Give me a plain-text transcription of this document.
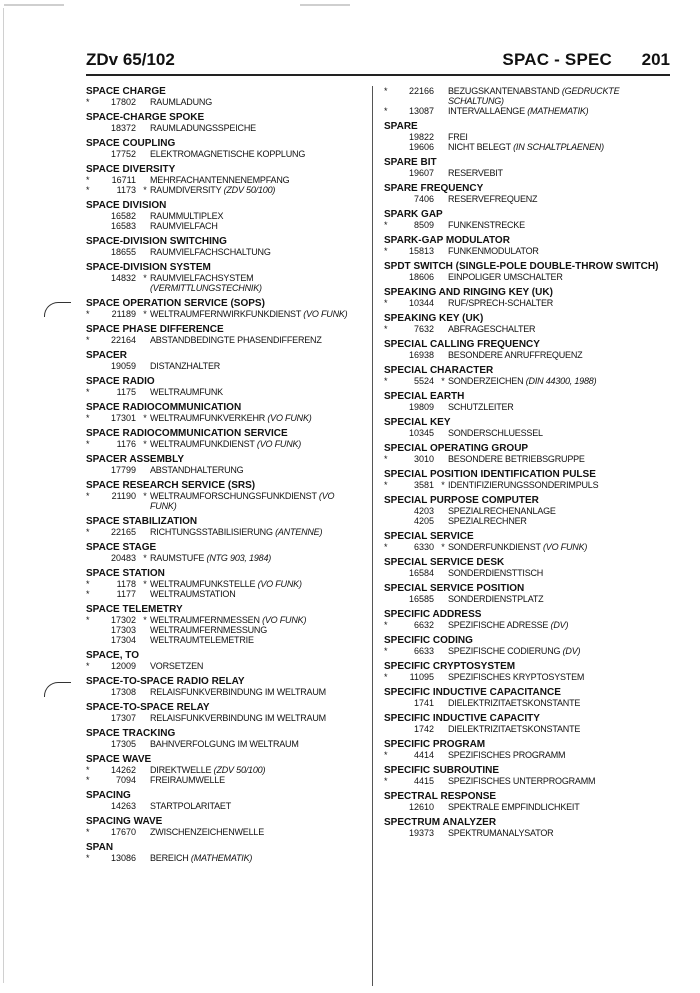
ZDv 65/102	SPAC - SPEC 201
SPACE CHARGE
*	17802	RAUMLADUNG
SPACE-CHARGE SPOKE
18372	RAUMLADUNGSSPEICHE
SPACE COUPLING
17752	ELEKTROMAGNETISCHE KOPPLUNG
SPACE DIVERSITY
*	16711	MEHRFACHANTENNENEMPFANG
*	1173 * RAUMDIVERSITY (ZDV 50/100)
SPACE DIVISION
16582	RAUMMULTIPLEX
16583	RAUMVIELFACH
SPACE-DIVISION SWITCHING
18655	RAUMVIELFACHSCHALTUNG
SPACE-DIVISION SYSTEM
14832 * RAUMVIELFACHSYSTEM
(VERMITTLUNGSTECHNIK)
SPACE OPERATION SERVICE (SOPS)
*	21189 * WELTRAUMFERNWIRKFUNKDIENST (VO FUNK)
SPACE PHASE DIFFERENCE
*	22164	ABSTANDBEDINGTE PHASENDIFFERENZ
SPACER
19059	DISTANZHALTER
SPACE RADIO
*	1175	WELTRAUMFUNK
SPACE RADIOCOMMUNICATION
*	17301 * WELTRAUMFUNKVERKEHR (VO FUNK)
SPACE RADIOCOMMUNICATION SERVICE
*	1176 * WELTRAUMFUNKDIENST (VO FUNK)
SPACER ASSEMBLY
17799	ABSTANDHALTERUNG
SPACE RESEARCH SERVICE (SRS)
*	21190 * WELTRAUMFORSCHUNGSFUNKDIENST (VO
FUNK)
SPACE STABILIZATION
*	22165	RICHTUNGSSTABILISIERUNG (ANTENNE)
SPACE STAGE
20483 * RAUMSTUFE (NTG 903, 1984)
SPACE STATION
*	1178 * WELTRAUMFUNKSTELLE (VO FUNK)
*	1177	WELTRAUMSTATION
SPACE TELEMETRY
*	17302 * WELTRAUMFERNMESSEN (VO FUNK)
17303	WELTRAUMFERNMESSUNG
17304	WELTRAUMTELEMETRIE
SPACE, TO
*	12009	VORSETZEN
SPACE-TO-SPACE RADIO RELAY
17308	RELAISFUNKVERBINDUNG IM WELTRAUM
SPACE-TO-SPACE RELAY
17307	RELAISFUNKVERBINDUNG IM WELTRAUM
SPACE TRACKING
17305	BAHNVERFOLGUNG IM WELTRAUM
SPACE WAVE
*	14262	DIREKTWELLE (ZDV 50/100)
*	7094	FREIRAUMWELLE
SPACING
14263	STARTPOLARITAET
SPACING WAVE
*	17670	ZWISCHENZEICHENWELLE
SPAN
*	13086	BEREICH (MATHEMATIK)
*	22166	BEZUGSKANTENABSTAND (GEDRUCKTE
SCHALTUNG)
*	13087	INTERVALLAENGE (MATHEMATIK)
SPARE
19822	FREI
19606	NICHT BELEGT (IN SCHALTPLAENEN)
SPARE BIT
19607	RESERVEBIT
SPARE FREQUENCY
7406	RESERVEFREQUENZ
SPARK GAP
*	8509	FUNKENSTRECKE
SPARK-GAP MODULATOR
*	15813	FUNKENMODULATOR
SPDT SWITCH (SINGLE-POLE DOUBLE-THROW SWITCH)
18606	EINPOLIGER UMSCHALTER
SPEAKING AND RINGING KEY (UK)
*	10344	RUF/SPRECH-SCHALTER
SPEAKING KEY (UK)
*	7632	ABFRAGESCHALTER
SPECIAL CALLING FREQUENCY
16938	BESONDERE ANRUFFREQUENZ
SPECIAL CHARACTER
*	5524 * SONDERZEICHEN (DIN 44300, 1988)
SPECIAL EARTH
19809	SCHUTZLEITER
SPECIAL KEY
10345	SONDERSCHLUESSEL
SPECIAL OPERATING GROUP
*	3010	BESONDERE BETRIEBSGRUPPE
SPECIAL POSITION IDENTIFICATION PULSE
*	3581 * IDENTIFIZIERUNGSSONDERIMPULS
SPECIAL PURPOSE COMPUTER
4203	SPEZIALRECHENANLAGE
4205	SPEZIALRECHNER
SPECIAL SERVICE
*	6330 * SONDERFUNKDIENST (VO FUNK)
SPECIAL SERVICE DESK
16584	SONDERDIENSTTISCH
SPECIAL SERVICE POSITION
16585	SONDERDIENSTPLATZ
SPECIFIC ADDRESS
*	6632	SPEZIFISCHE ADRESSE (DV)
SPECIFIC CODING
*	6633	SPEZIFISCHE CODIERUNG (DV)
SPECIFIC CRYPTOSYSTEM
*	11095	SPEZIFISCHES KRYPTOSYSTEM
SPECIFIC INDUCTIVE CAPACITANCE
1741	DIELEKTRIZITAETSKONSTANTE
SPECIFIC INDUCTIVE CAPACITY
1742	DIELEKTRIZITAETSKONSTANTE
SPECIFIC PROGRAM
*	4414	SPEZIFISCHES PROGRAMM
SPECIFIC SUBROUTINE
*	4415	SPEZIFISCHES UNTERPROGRAMM
SPECTRAL RESPONSE
12610	SPEKTRALE EMPFINDLICHKEIT
SPECTRUM ANALYZER
19373	SPEKTRUMANALYSATOR
